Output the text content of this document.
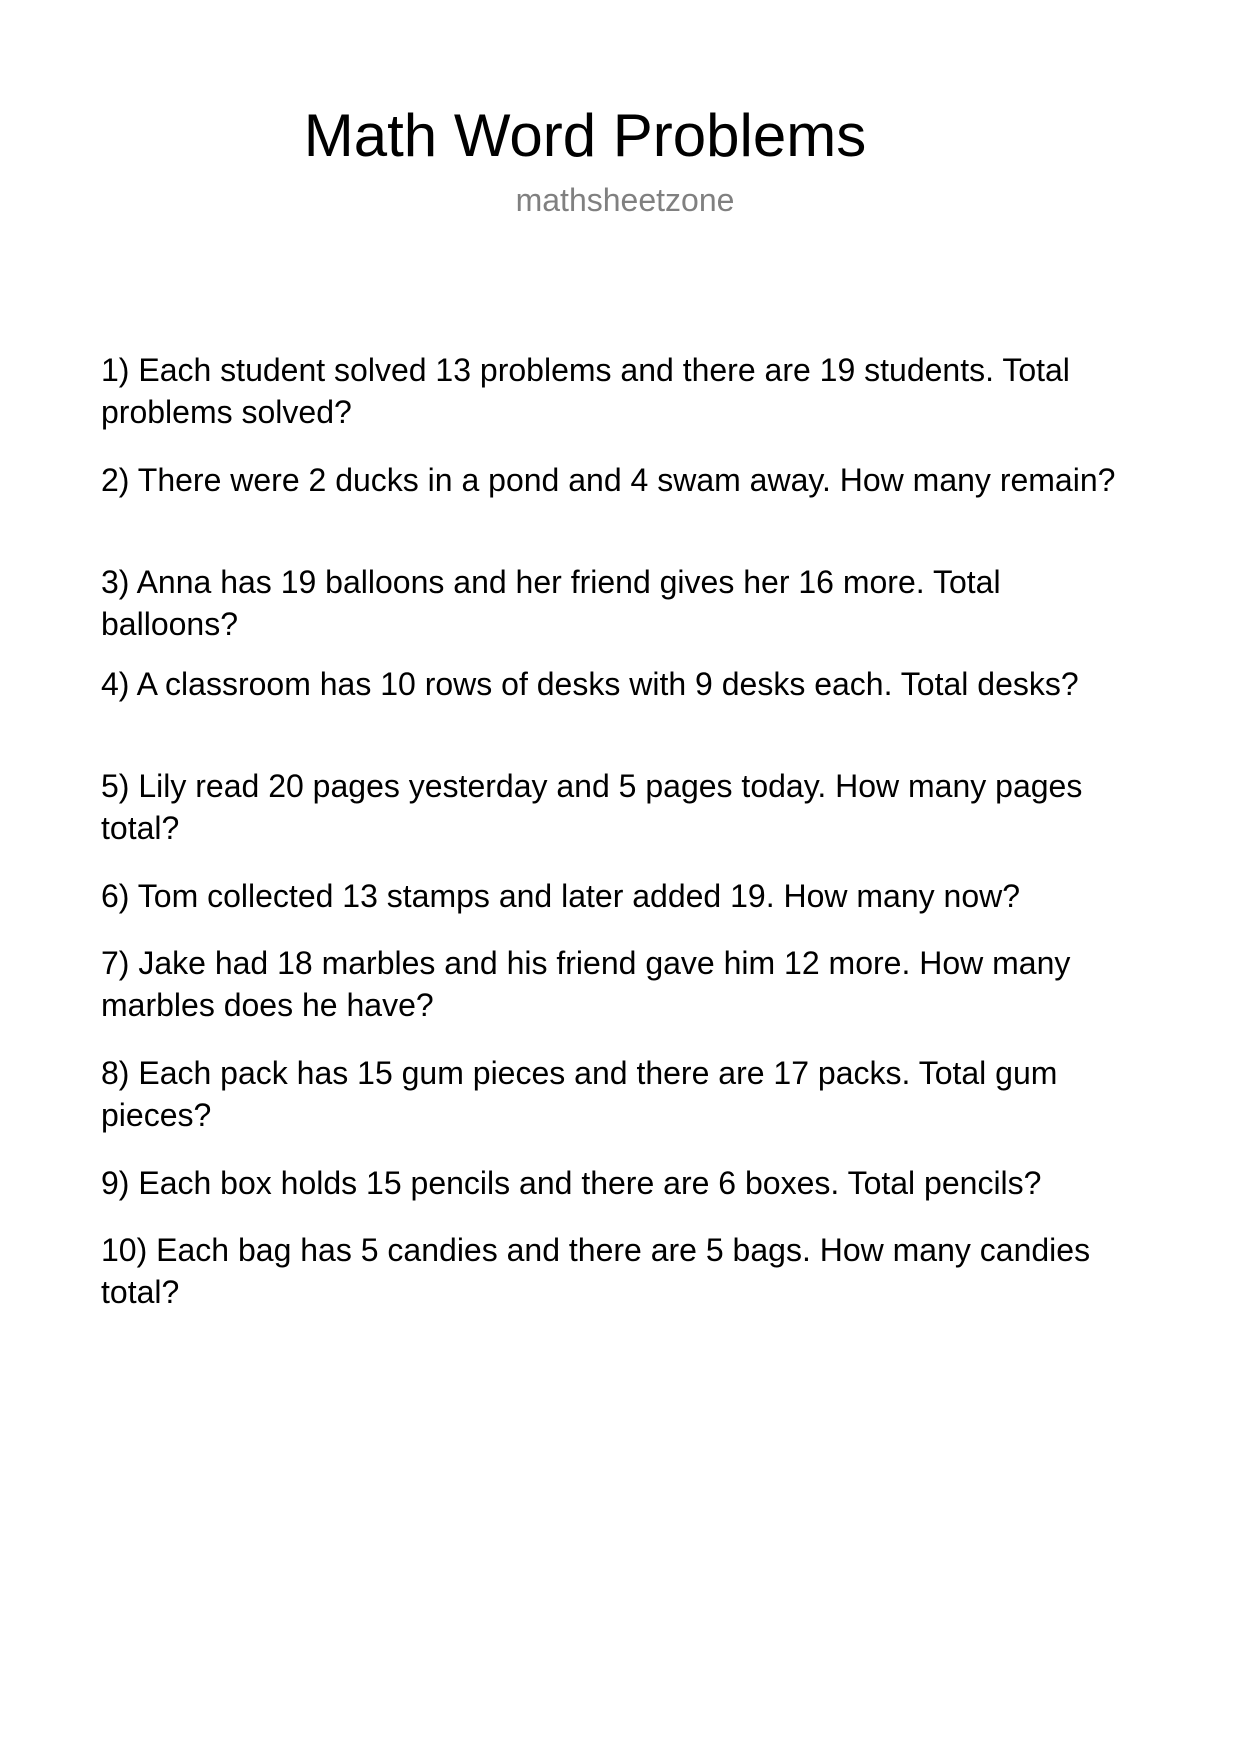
Math Word Problems
mathsheetzone

1) Each student solved 13 problems and there are 19 students. Total problems solved?

2) There were 2 ducks in a pond and 4 swam away. How many remain?

3) Anna has 19 balloons and her friend gives her 16 more. Total balloons?

4) A classroom has 10 rows of desks with 9 desks each. Total desks?

5) Lily read 20 pages yesterday and 5 pages today. How many pages total?

6) Tom collected 13 stamps and later added 19. How many now?

7) Jake had 18 marbles and his friend gave him 12 more. How many marbles does he have?

8) Each pack has 15 gum pieces and there are 17 packs. Total gum pieces?

9) Each box holds 15 pencils and there are 6 boxes. Total pencils?

10) Each bag has 5 candies and there are 5 bags. How many candies total?
